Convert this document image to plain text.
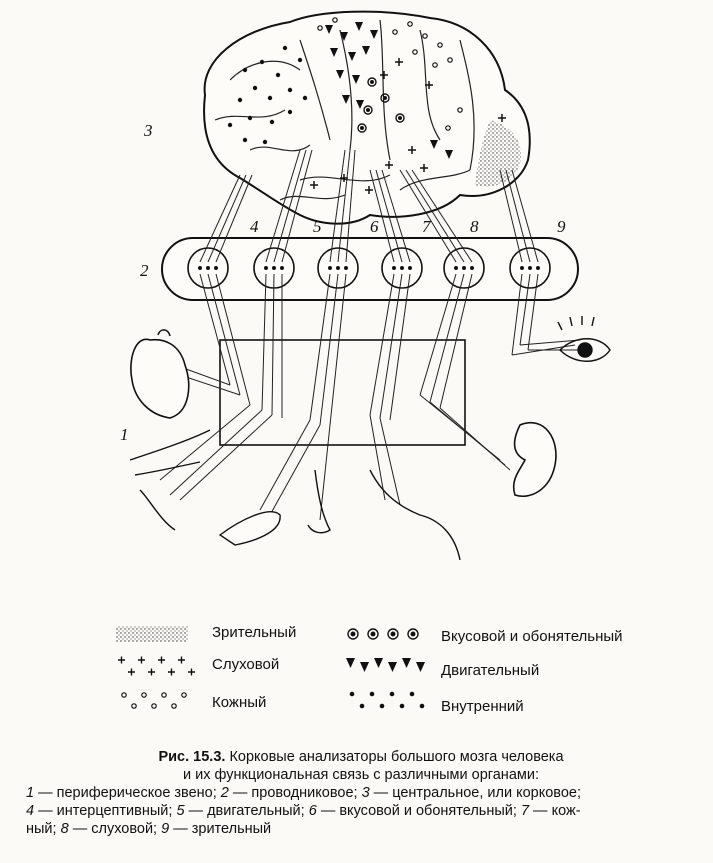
3
2
1
4	5	6	7 8	9
Зрительный
Слуховой
Кожный
Вкусовой и обонятельный
Двигательный
Внутренний
Рис. 15.3. Корковые анализаторы большого мозга человека
и их функциональная связь с различными органами:
1 — периферическое звено; 2 — проводниковое; 3 — центральное, или корковое;
4 — интерцептивный; 5 — двигательный; 6 — вкусовой и обонятельный; 7 — кож-
ный; 8 — слуховой; 9 — зрительный
